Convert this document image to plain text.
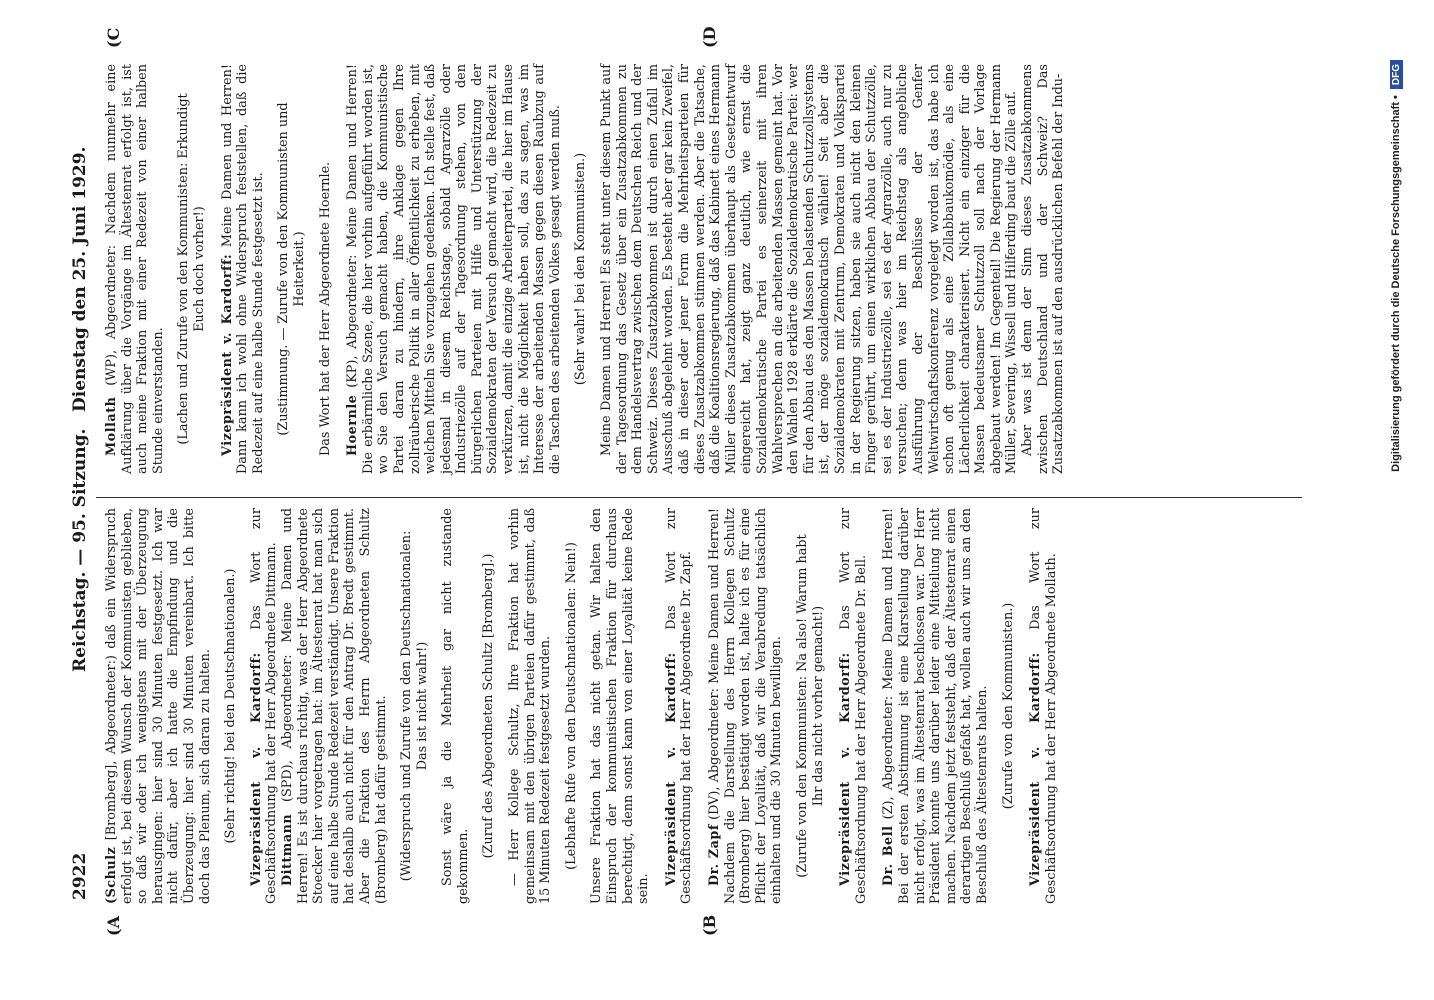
2922
Reichstag. — 95. Sitzung.
Dienstag den 25. Juni 1929.
(A	(B
(C	(D

(Schulz [Bromberg], Abgeordneter:) daß ein Widerspruch erfolgt ist, bei diesem Wunsch der Kommunisten geblieben, so daß wir oder ich wenigstens mit der Überzeugung herausgingen: hier sind 30 Minuten festgesetzt. Ich war nicht dafür, aber ich hatte die Empfindung und die Überzeugung: hier sind 30 Minuten vereinbart. Ich bitte doch das Plenum, sich daran zu halten. (Sehr richtig! bei den Deutschnationalen.) Vizepräsident v. Kardorff: Das Wort zur Geschäftsordnung hat der Herr Abgeordnete Dittmann. Dittmann (SPD), Abgeordneter: Meine Damen und Herren! Es ist durchaus richtig, was der Herr Abgeordnete Stoecker hier vorgetragen hat: im Ältestenrat hat man sich auf eine halbe Stunde Redezeit verständigt. Unsere Fraktion hat deshalb auch nicht für den Antrag Dr. Bredt gestimmt. Aber die Fraktion des Herrn Abgeordneten Schultz (Bromberg) hat dafür gestimmt. (Widerspruch und Zurufe von den Deutschnationalen: Das ist nicht wahr!) Sonst wäre ja die Mehrheit gar nicht zustande gekommen.

(Zuruf des Abgeordneten Schultz [Bromberg].) — Herr Kollege Schultz, Ihre Fraktion hat vorhin gemeinsam mit den übrigen Parteien dafür gestimmt, daß 15 Minuten Redezeit festgesetzt wurden. (Lebhafte Rufe von den Deutschnationalen: Nein!) Unsere Fraktion hat das nicht getan. Wir halten den Einspruch der kommunistischen Fraktion für durchaus berechtigt, denn sonst kann von einer Loyalität keine Rede sein.

Vizepräsident v. Kardorff: Das Wort zur Geschäftsordnung hat der Herr Abgeordnete Dr. Zapf. Dr. Zapf (DV), Abgeordneter: Meine Damen und Herren! Nachdem die Darstellung des Herrn Kollegen Schultz (Bromberg) hier bestätigt worden ist, halte ich es für eine Pflicht der Loyalität, daß wir die Verabredung tatsächlich einhalten und die 30 Minuten bewilligen. (Zurufe von den Kommunisten: Na also! Warum habt Ihr das nicht vorher gemacht!) Vizepräsident v. Kardorff: Das Wort zur Geschäftsordnung hat der Herr Abgeordnete Dr. Bell. Dr. Bell (Z), Abgeordneter: Meine Damen und Herren! Bei der ersten Abstimmung ist eine Klarstellung darüber nicht erfolgt, was im Ältestenrat beschlossen war. Der Herr Präsident konnte uns darüber leider eine Mitteilung nicht machen. Nachdem jetzt feststeht, daß der Ältestenrat einen derartigen Beschluß gefaßt hat, wollen auch wir uns an den Beschluß des Ältestenrats halten. (Zurufe von den Kommunisten.) Vizepräsident v. Kardorff: Das Wort zur Geschäftsordnung hat der Herr Abgeordnete Mollath.

Mollath (WP), Abgeordneter: Nachdem nunmehr eine Aufklärung über die Vorgänge im Ältestenrat erfolgt ist, ist auch meine Fraktion mit einer Redezeit von einer halben Stunde einverstanden. (Lachen und Zurufe von den Kommunisten: Erkundigt Euch doch vorher!) Vizepräsident v. Kardorff: Meine Damen und Herren! Dann kann ich wohl ohne Widerspruch feststellen, daß die Redezeit auf eine halbe Stunde festgesetzt ist. (Zustimmung. — Zurufe von den Kommunisten und Heiterkeit.) Das Wort hat der Herr Abgeordnete Hoernle. Hoernle (KP), Abgeordneter: Meine Damen und Herren! Die erbärmliche Szene, die hier vorhin aufgeführt worden ist, wo Sie den Versuch gemacht haben, die Kommunistische Partei daran zu hindern, ihre Anklage gegen Ihre zollräuberische Politik in aller Öffentlichkeit zu erheben, mit welchen Mitteln Sie vorzugehen gedenken. Ich stelle fest, daß jedesmal in diesem Reichstage, sobald Agrarzölle oder Industriezölle auf der Tagesordnung stehen, von den bürgerlichen Parteien mit Hilfe und Unterstützung der Sozialdemokraten der Versuch gemacht wird, die Redezeit zu verkürzen, damit die einzige Arbeiterpartei, die hier im Hause ist, nicht die Möglichkeit haben soll, das zu sagen, was im Interesse der arbeitenden Massen gegen diesen Raubzug auf die Taschen des arbeitenden Volkes gesagt werden muß. (Sehr wahr! bei den Kommunisten.) Meine Damen und Herren! Es steht unter diesem Punkt auf der Tagesordnung das Gesetz über ein Zusatzabkommen zu dem Handelsvertrag zwischen dem Deutschen Reich und der Schweiz. Dieses Zusatzabkommen ist durch einen Zufall im Ausschuß abgelehnt worden. Es besteht aber gar kein Zweifel, daß in dieser oder jener Form die Mehrheitsparteien für dieses Zusatzabkommen stimmen werden. Aber die Tatsache, daß die Koalitionsregierung, daß das Kabinett eines Hermann Müller dieses Zusatzabkommen überhaupt als Gesetzentwurf eingereicht hat, zeigt ganz deutlich, wie ernst die Sozialdemokratische Partei es seinerzeit mit ihren Wahlversprechen an die arbeitenden Massen gemeint hat. Vor den Wahlen 1928 erklärte die Sozialdemokratische Partei: wer für den Abbau des den Massen belastenden Schutzzollsystems ist, der möge sozialdemokratisch wählen! Seit aber die Sozialdemokraten mit Zentrum, Demokraten und Volkspartei in der Regierung sitzen, haben sie auch nicht den kleinen Finger gerührt, um einen wirklichen Abbau der Schutzzölle, sei es der Industriezölle, sei es der Agrarzölle, auch nur zu versuchen; denn was hier im Reichstag als angebliche Ausführung der Beschlüsse der Genfer Weltwirtschaftskonferenz vorgelegt worden ist, das habe ich schon oft genug als eine Zollabbaukomödie, als eine Lächerlichkeit charakterisiert. Nicht ein einziger für die Massen bedeutsamer Schutzzoll soll nach der Vorlage abgebaut werden! Im Gegenteil! Die Regierung der Hermann Müller, Severing, Wissell und Hilferding baut die Zölle auf. Aber was ist denn der Sinn dieses Zusatzabkommens zwischen Deutschland und der Schweiz? Das Zusatzabkommen ist auf den ausdrücklichen Befehl der Indu-	Digitalisierung gefördert durch die Deutsche Forschungsgemeinschaft •DFG
